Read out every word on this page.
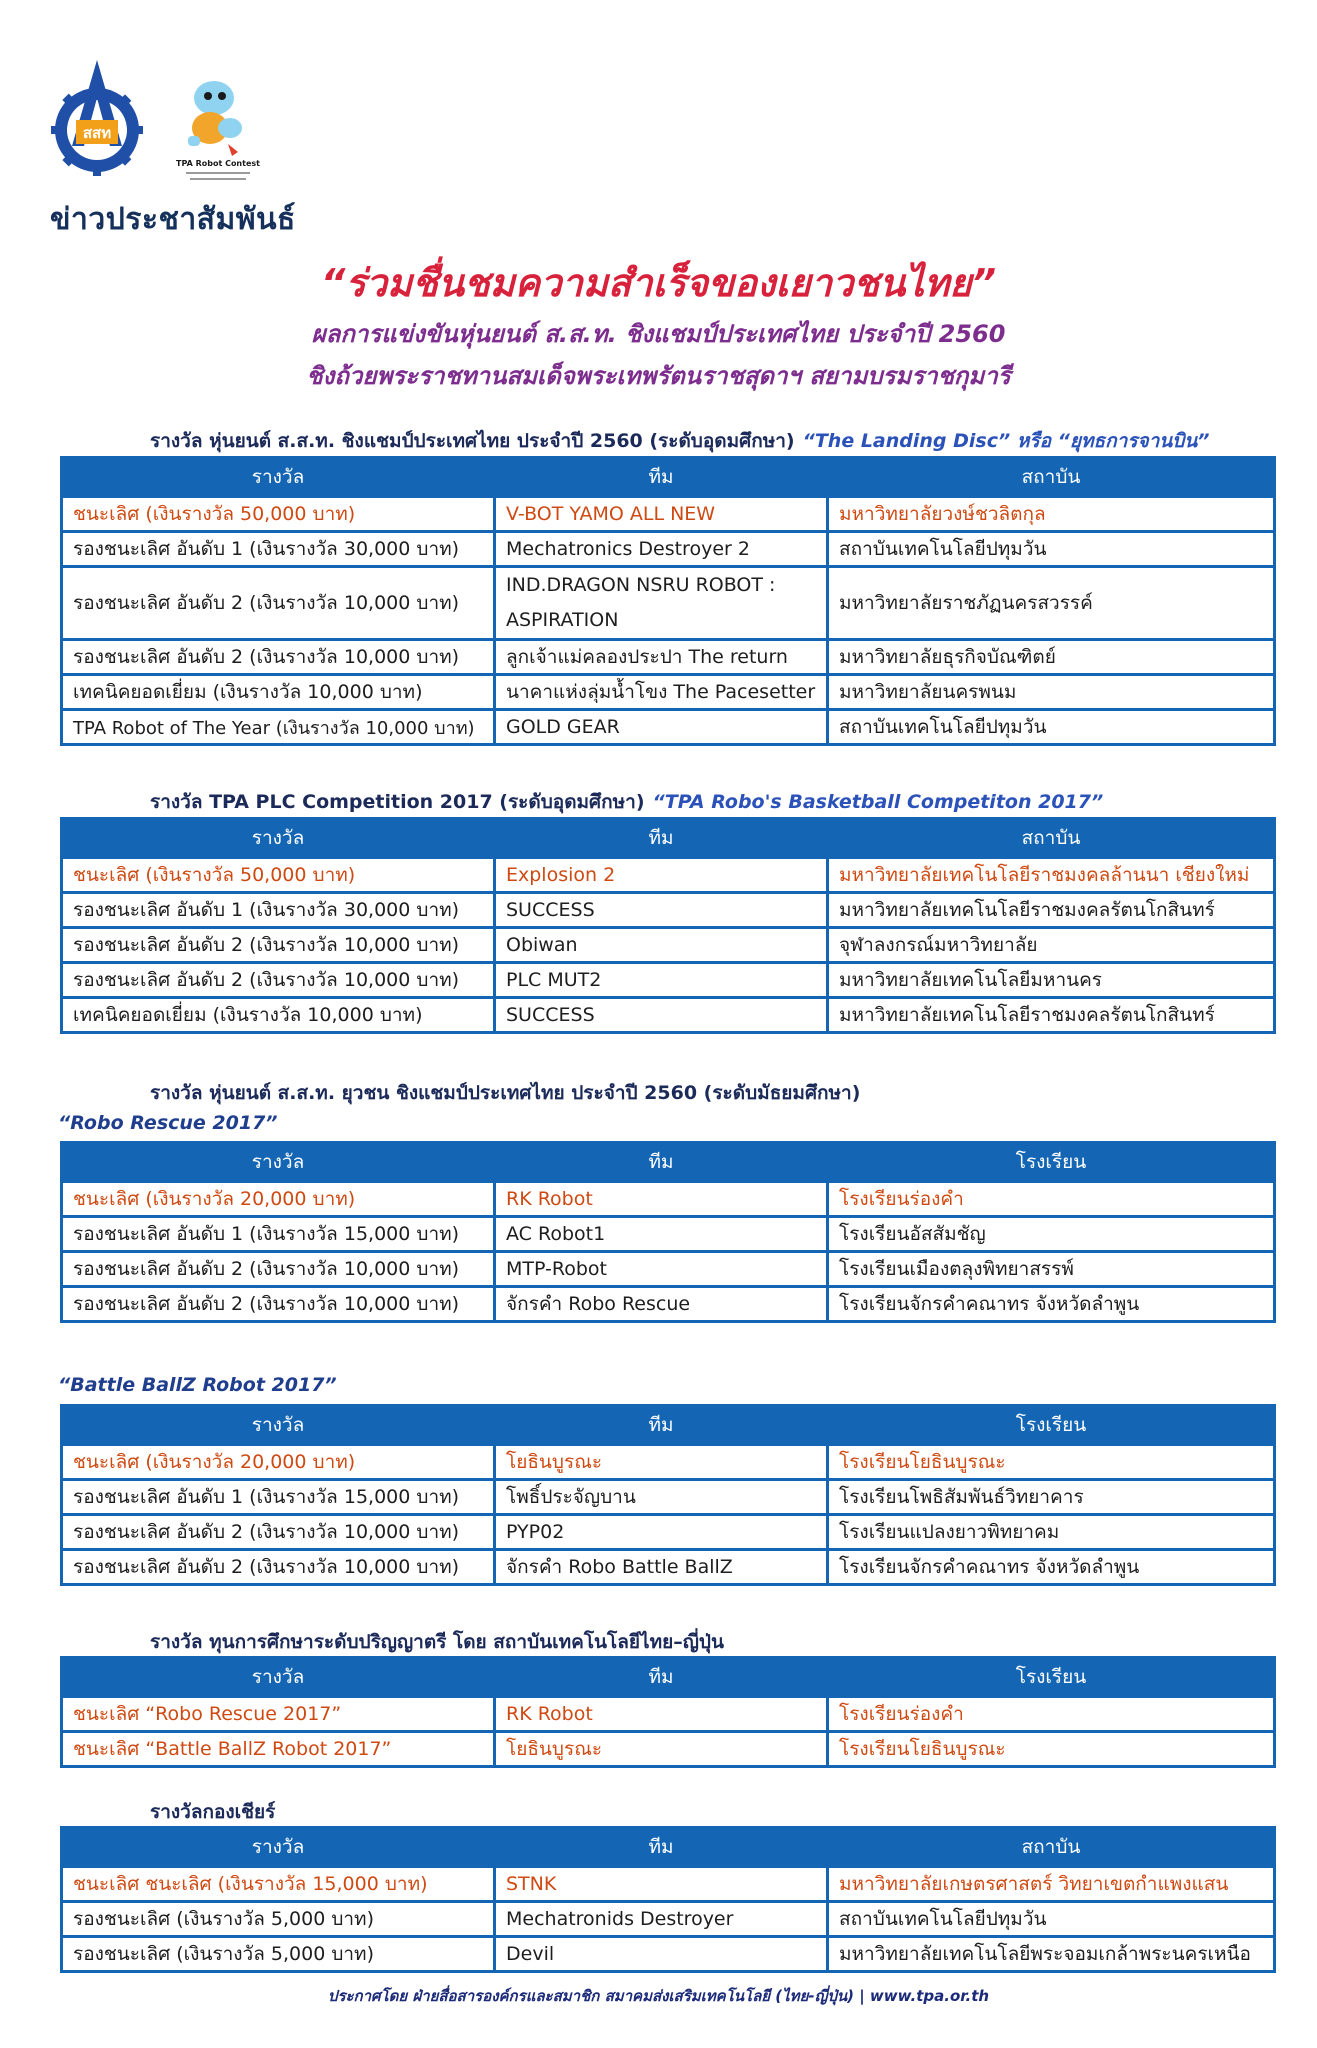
สสท
TPA Robot Contest
ข่าวประชาสัมพันธ์
“ร่วมชื่นชมความสำเร็จของเยาวชนไทย”
ผลการแข่งขันหุ่นยนต์ ส.ส.ท. ชิงแชมป์ประเทศไทย ประจำปี 2560
ชิงถ้วยพระราชทานสมเด็จพระเทพรัตนราชสุดาฯ สยามบรมราชกุมารี
รางวัล หุ่นยนต์ ส.ส.ท. ชิงแชมป์ประเทศไทย ประจำปี 2560 (ระดับอุดมศึกษา) “The Landing Disc” หรือ “ยุทธการจานบิน”
รางวัล	ทีม	สถาบัน
ชนะเลิศ (เงินรางวัล 50,000 บาท)	V-BOT YAMO ALL NEW	มหาวิทยาลัยวงษ์ชวลิตกุล
รองชนะเลิศ อันดับ 1 (เงินรางวัล 30,000 บาท)	Mechatronics Destroyer 2	สถาบันเทคโนโลยีปทุมวัน
รองชนะเลิศ อันดับ 2 (เงินรางวัล 10,000 บาท)	IND.DRAGON NSRU ROBOT : ASPIRATION	มหาวิทยาลัยราชภัฏนครสวรรค์
รองชนะเลิศ อันดับ 2 (เงินรางวัล 10,000 บาท)	ลูกเจ้าแม่คลองประปา The return	มหาวิทยาลัยธุรกิจบัณฑิตย์
เทคนิคยอดเยี่ยม (เงินรางวัล 10,000 บาท)	นาคาแห่งลุ่มน้ำโขง The Pacesetter	มหาวิทยาลัยนครพนม
TPA Robot of The Year (เงินรางวัล 10,000 บาท)	GOLD GEAR	สถาบันเทคโนโลยีปทุมวัน
รางวัล TPA PLC Competition 2017 (ระดับอุดมศึกษา) “TPA Robo's Basketball Competiton 2017”
รางวัล	ทีม	สถาบัน
ชนะเลิศ (เงินรางวัล 50,000 บาท)	Explosion 2	มหาวิทยาลัยเทคโนโลยีราชมงคลล้านนา เชียงใหม่
รองชนะเลิศ อันดับ 1 (เงินรางวัล 30,000 บาท)	SUCCESS	มหาวิทยาลัยเทคโนโลยีราชมงคลรัตนโกสินทร์
รองชนะเลิศ อันดับ 2 (เงินรางวัล 10,000 บาท)	Obiwan	จุฬาลงกรณ์มหาวิทยาลัย
รองชนะเลิศ อันดับ 2 (เงินรางวัล 10,000 บาท)	PLC MUT2	มหาวิทยาลัยเทคโนโลยีมหานคร
เทคนิคยอดเยี่ยม (เงินรางวัล 10,000 บาท)	SUCCESS	มหาวิทยาลัยเทคโนโลยีราชมงคลรัตนโกสินทร์
รางวัล หุ่นยนต์ ส.ส.ท. ยุวชน ชิงแชมป์ประเทศไทย ประจำปี 2560 (ระดับมัธยมศึกษา)
“Robo Rescue 2017”
รางวัล	ทีม	โรงเรียน
ชนะเลิศ (เงินรางวัล 20,000 บาท)	RK Robot	โรงเรียนร่องคำ
รองชนะเลิศ อันดับ 1 (เงินรางวัล 15,000 บาท)	AC Robot1	โรงเรียนอัสสัมชัญ
รองชนะเลิศ อันดับ 2 (เงินรางวัล 10,000 บาท)	MTP-Robot	โรงเรียนเมืองตลุงพิทยาสรรพ์
รองชนะเลิศ อันดับ 2 (เงินรางวัล 10,000 บาท)	จักรคำ Robo Rescue	โรงเรียนจักรคำคณาทร จังหวัดลำพูน
“Battle BallZ Robot 2017”
รางวัล	ทีม	โรงเรียน
ชนะเลิศ (เงินรางวัล 20,000 บาท)	โยธินบูรณะ	โรงเรียนโยธินบูรณะ
รองชนะเลิศ อันดับ 1 (เงินรางวัล 15,000 บาท)	โพธิ์ประจัญบาน	โรงเรียนโพธิสัมพันธ์วิทยาคาร
รองชนะเลิศ อันดับ 2 (เงินรางวัล 10,000 บาท)	PYP02	โรงเรียนแปลงยาวพิทยาคม
รองชนะเลิศ อันดับ 2 (เงินรางวัล 10,000 บาท)	จักรคำ Robo Battle BallZ	โรงเรียนจักรคำคณาทร จังหวัดลำพูน
รางวัล ทุนการศึกษาระดับปริญญาตรี โดย สถาบันเทคโนโลยีไทย–ญี่ปุ่น
รางวัล	ทีม	โรงเรียน
ชนะเลิศ “Robo Rescue 2017”	RK Robot	โรงเรียนร่องคำ
ชนะเลิศ “Battle BallZ Robot 2017”	โยธินบูรณะ	โรงเรียนโยธินบูรณะ
รางวัลกองเชียร์
รางวัล	ทีม	สถาบัน
ชนะเลิศ ชนะเลิศ (เงินรางวัล 15,000 บาท)	STNK	มหาวิทยาลัยเกษตรศาสตร์ วิทยาเขตกำแพงแสน
รองชนะเลิศ (เงินรางวัล 5,000 บาท)	Mechatronids Destroyer	สถาบันเทคโนโลยีปทุมวัน
รองชนะเลิศ (เงินรางวัล 5,000 บาท)	Devil	มหาวิทยาลัยเทคโนโลยีพระจอมเกล้าพระนครเหนือ
ประกาศโดย ฝ่ายสื่อสารองค์กรและสมาชิก สมาคมส่งเสริมเทคโนโลยี (ไทย-ญี่ปุ่น) | www.tpa.or.th
